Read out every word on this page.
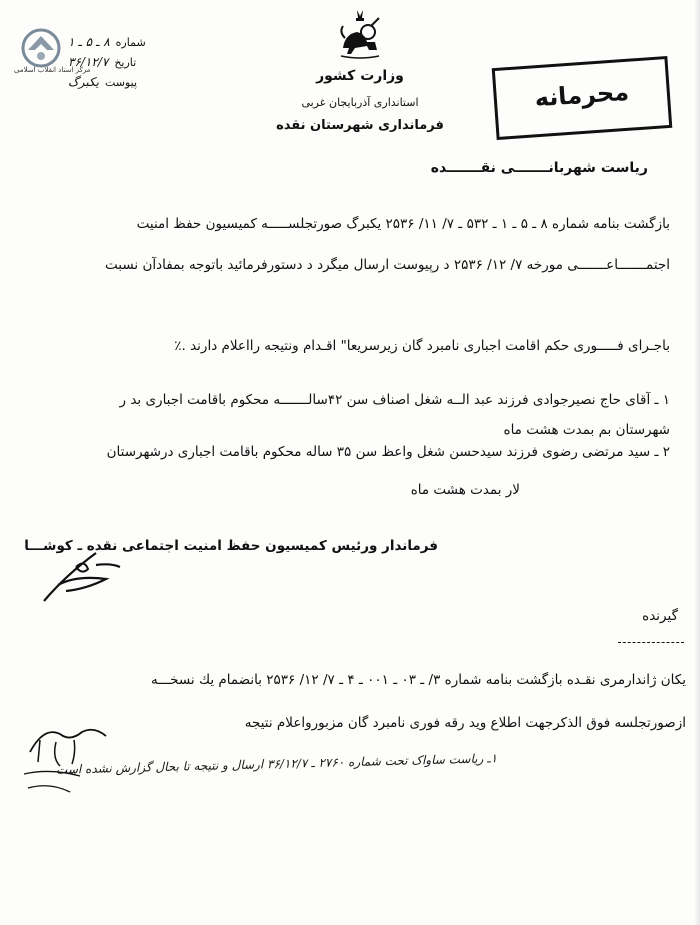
مرکز اسناد انقلاب اسلامی
شماره
۸ ـ ۵ ـ ۱
تاریخ
۳۶/۱۲/۷
پیوست
یکبرگ	وزارت کشور
استانداری آذربایجان غربی
فرمانداری شهرستان نقده
محرمانه
ریاست شهربانـــــــی نقـــــــده
بازگشت بنامه شماره ۸ ـ ۵ ـ ۱ ـ ۵۳۲ ـ ۷/ ۱۱/ ۲۵۳۶ یکبرگ صورتجلســـــه کمیسیون حفظ امنیت
اجتمـــــــاعـــــــی مورخه ۷/ ۱۲/ ۲۵۳۶ د رپیوست ارسال میگرد د دستورفرمائید باتوجه بمفادآن نسبت
باجـرای فـــــوری حکم اقامت اجباری نامبرد گان زیرسریعا" اقـدام ونتیجه رااعلام دارند .٪
۱ ـ آقای حاج نصیرجوادی فرزند عبد الــه شغل اصناف سن ۴۲سالـــــــه محکوم باقامت اجباری بد ر
شهرستان بم بمدت هشت ماه
۲ ـ سید مرتضی رضوی فرزند سیدحسن شغل واعظ سن ۳۵ ساله محکوم باقامت اجباری درشهرستان
لار بمدت هشت ماه
فرماندار ورئیس کمیسیون حفظ امنیت اجتماعی نقده ـ کوشـــا
گیرنده
یکان ژاندارمری نقـده بازگشت بنامه شماره ۳/ ـ ۰۳ ـ ۰۰۱ ـ ۴ ـ ۷/ ۱۲/ ۲۵۳۶ بانضمام یك نسخـــه
ازصورتجلسه فوق الذکرجهت اطلاع وید رقه فوری نامبرد گان مزبورواعلام نتیجه
۱ـ ریاست ساواک تحت شماره ۲۷۶۰ ـ ۳۶/۱۲/۷ ارسال و نتیجه تا بحال گزارش نشده است
